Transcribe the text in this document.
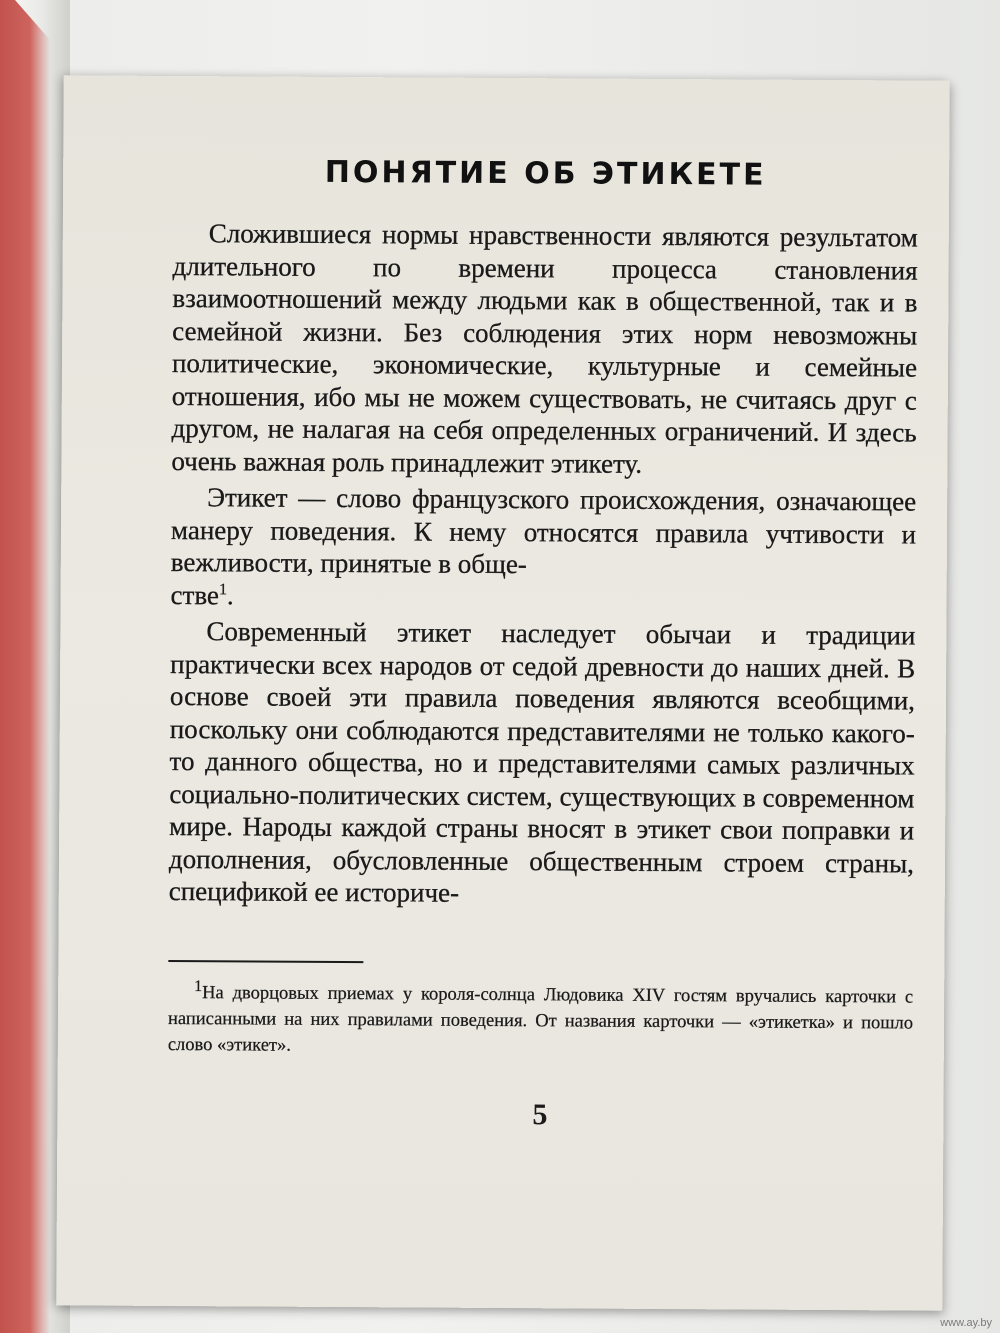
ПОНЯТИЕ ОБ ЭТИКЕТЕ

Сложившиеся нормы нравственности являются результатом длительного по времени процесса становления взаимоотношений между людьми как в общественной, так и в семейной жизни. Без соблюдения этих норм невозможны политические, экономические, культурные и семейные отношения, ибо мы не можем существовать, не считаясь друг с другом, не налагая на себя определенных ограничений. И здесь очень важная роль принадлежит этикету.

Этикет — слово французского происхождения, означающее манеру поведения. К нему относятся правила учтивости и вежливости, принятые в обще-
стве$^1$.

Современный этикет наследует обычаи и традиции практически всех народов от седой древности до наших дней. В основе своей эти правила поведения являются всеобщими, поскольку они соблюдаются представителями не только какого-то данного общества, но и представителями самых различных социально-политических систем, существующих в современном мире. Народы каждой страны вносят в этикет свои поправки и дополнения, обусловленные общественным строем страны, спецификой ее историче-

$^1$На дворцовых приемах у короля-солнца Людовика XIV гостям вручались карточки с написанными на них правилами поведения. От названия карточки — «этикетка» и пошло слово «этикет».

5
www.ay.by
